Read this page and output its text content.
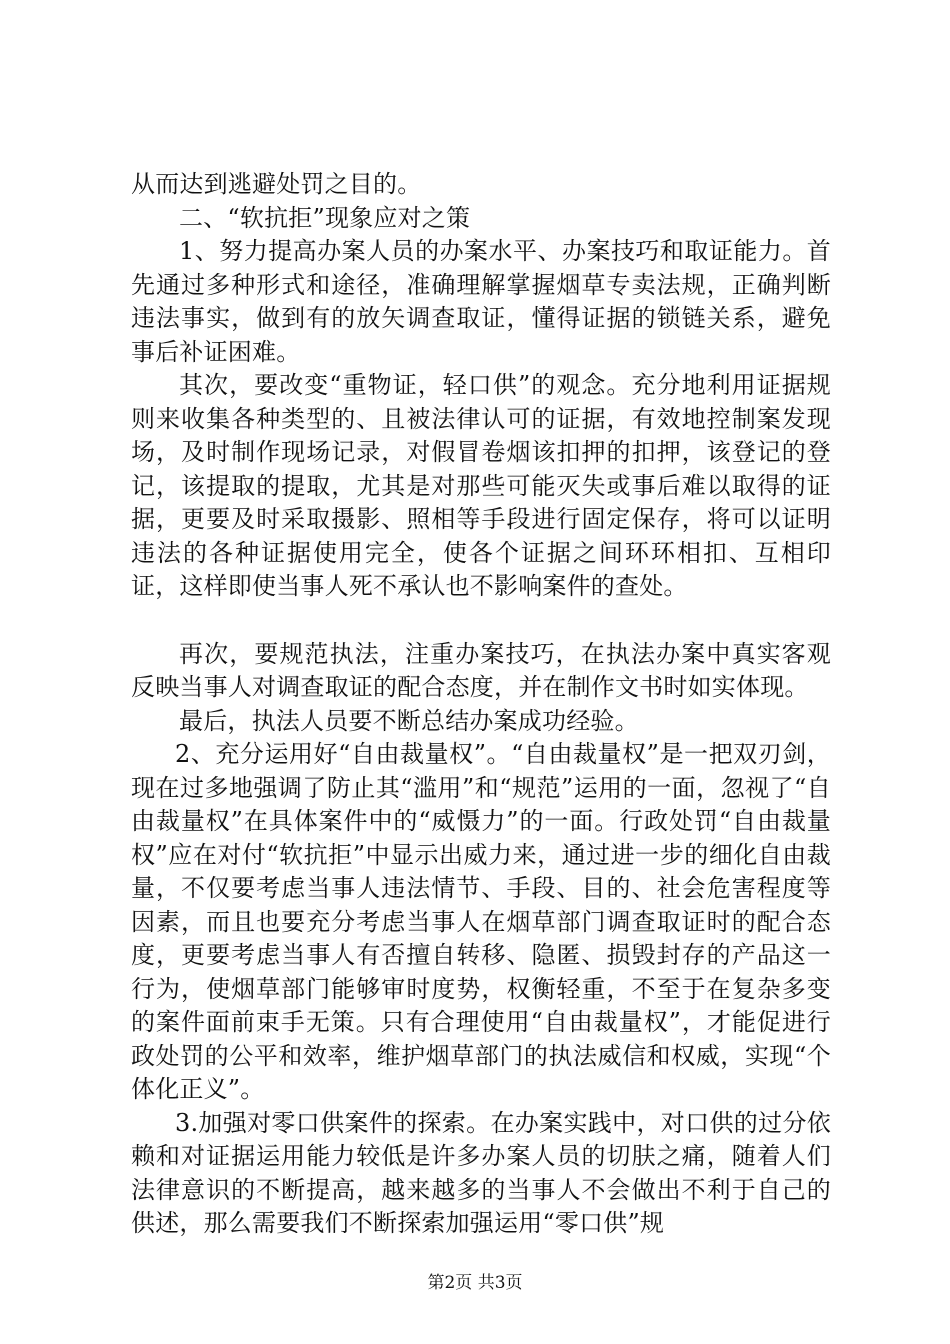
从而达到逃避处罚之目的。

二、“软抗拒”现象应对之策

1、努力提高办案人员的办案水平、办案技巧和取证能力。首先通过多种形式和途径，准确理解掌握烟草专卖法规，正确判断违法事实，做到有的放矢调查取证，懂得证据的锁链关系，避免事后补证困难。

其次，要改变“重物证，轻口供”的观念。充分地利用证据规则来收集各种类型的、且被法律认可的证据，有效地控制案发现场，及时制作现场记录，对假冒卷烟该扣押的扣押，该登记的登记，该提取的提取，尤其是对那些可能灭失或事后难以取得的证据，更要及时采取摄影、照相等手段进行固定保存，将可以证明违法的各种证据使用完全，使各个证据之间环环相扣、互相印证，这样即使当事人死不承认也不影响案件的查处。

再次，要规范执法，注重办案技巧，在执法办案中真实客观反映当事人对调查取证的配合态度，并在制作文书时如实体现。

最后，执法人员要不断总结办案成功经验。

2、充分运用好“自由裁量权”。“自由裁量权”是一把双刃剑，现在过多地强调了防止其“滥用”和“规范”运用的一面，忽视了“自由裁量权”在具体案件中的“威慑力”的一面。行政处罚“自由裁量权”应在对付“软抗拒”中显示出威力来，通过进一步的细化自由裁量，不仅要考虑当事人违法情节、手段、目的、社会危害程度等因素，而且也要充分考虑当事人在烟草部门调查取证时的配合态度，更要考虑当事人有否擅自转移、隐匿、损毁封存的产品这一行为，使烟草部门能够审时度势，权衡轻重，不至于在复杂多变的案件面前束手无策。只有合理使用“自由裁量权”，才能促进行政处罚的公平和效率，维护烟草部门的执法威信和权威，实现“个体化正义”。

3.加强对零口供案件的探索。在办案实践中，对口供的过分依赖和对证据运用能力较低是许多办案人员的切肤之痛，随着人们法律意识的不断提高，越来越多的当事人不会做出不利于自己的供述，那么需要我们不断探索加强运用“零口供”规

第2页 共3页
